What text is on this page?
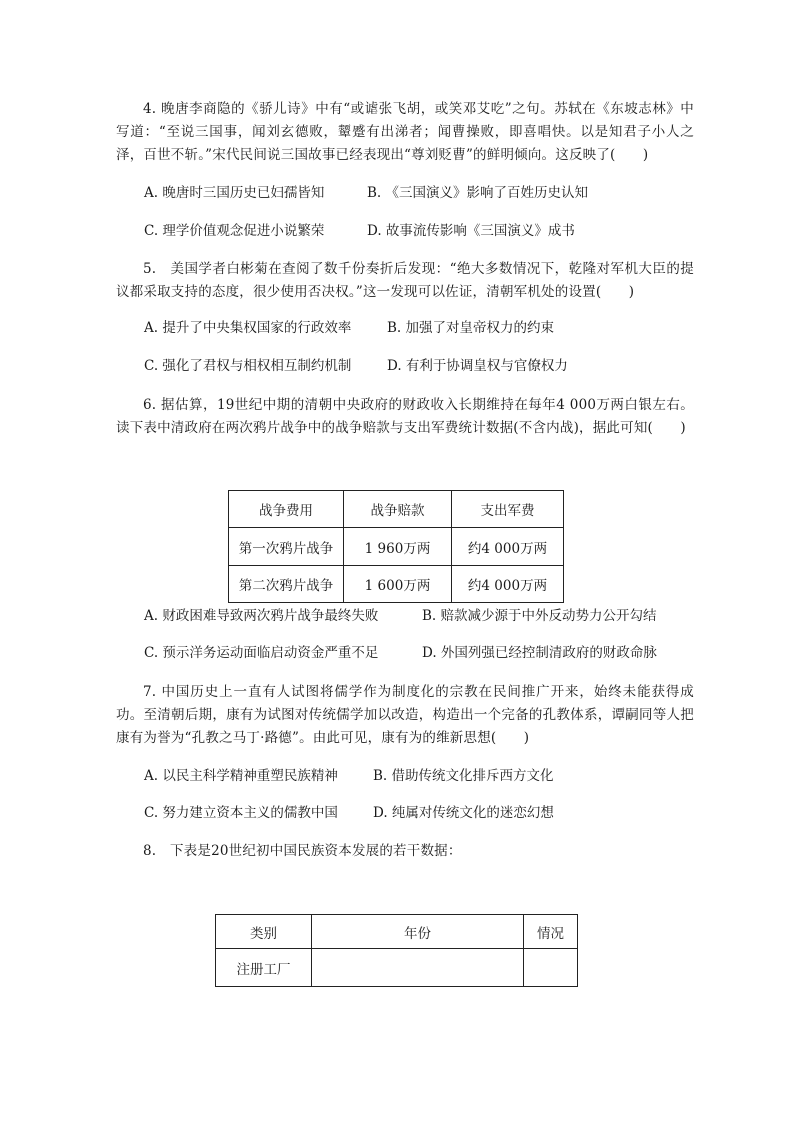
4. 晚唐李商隐的《骄儿诗》中有“或谑张飞胡，或笑邓艾吃”之句。苏轼在《东坡志林》中写道：“至说三国事，闻刘玄德败，颦蹙有出涕者；闻曹操败，即喜唱快。以是知君子小人之泽，百世不斩。”宋代民间说三国故事已经表现出“尊刘贬曹”的鲜明倾向。这反映了(　　)

A. 晚唐时三国历史已妇孺皆知	B. 《三国演义》影响了百姓历史认知
C. 理学价值观念促进小说繁荣	D. 故事流传影响《三国演义》成书

5.　美国学者白彬菊在查阅了数千份奏折后发现：“绝大多数情况下，乾隆对军机大臣的提议都采取支持的态度，很少使用否决权。”这一发现可以佐证，清朝军机处的设置(　　)

A. 提升了中央集权国家的行政效率	B. 加强了对皇帝权力的约束
C. 强化了君权与相权相互制约机制	D. 有利于协调皇权与官僚权力

6. 据估算，19世纪中期的清朝中央政府的财政收入长期维持在每年4 000万两白银左右。读下表中清政府在两次鸦片战争中的战争赔款与支出军费统计数据(不含内战)，据此可知(　　)

战争费用	战争赔款	支出军费
第一次鸦片战争	1 960万两	约4 000万两
第二次鸦片战争	1 600万两	约4 000万两
A. 财政困难导致两次鸦片战争最终失败	B. 赔款减少源于中外反动势力公开勾结
C. 预示洋务运动面临启动资金严重不足	D. 外国列强已经控制清政府的财政命脉

7. 中国历史上一直有人试图将儒学作为制度化的宗教在民间推广开来，始终未能获得成功。至清朝后期，康有为试图对传统儒学加以改造，构造出一个完备的孔教体系，谭嗣同等人把康有为誉为“孔教之马丁·路德”。由此可见，康有为的维新思想(　　)

A. 以民主科学精神重塑民族精神	B. 借助传统文化排斥西方文化
C. 努力建立资本主义的儒教中国	D. 纯属对传统文化的迷恋幻想

8.　下表是20世纪初中国民族资本发展的若干数据：

类别	年份	情况
注册工厂		
